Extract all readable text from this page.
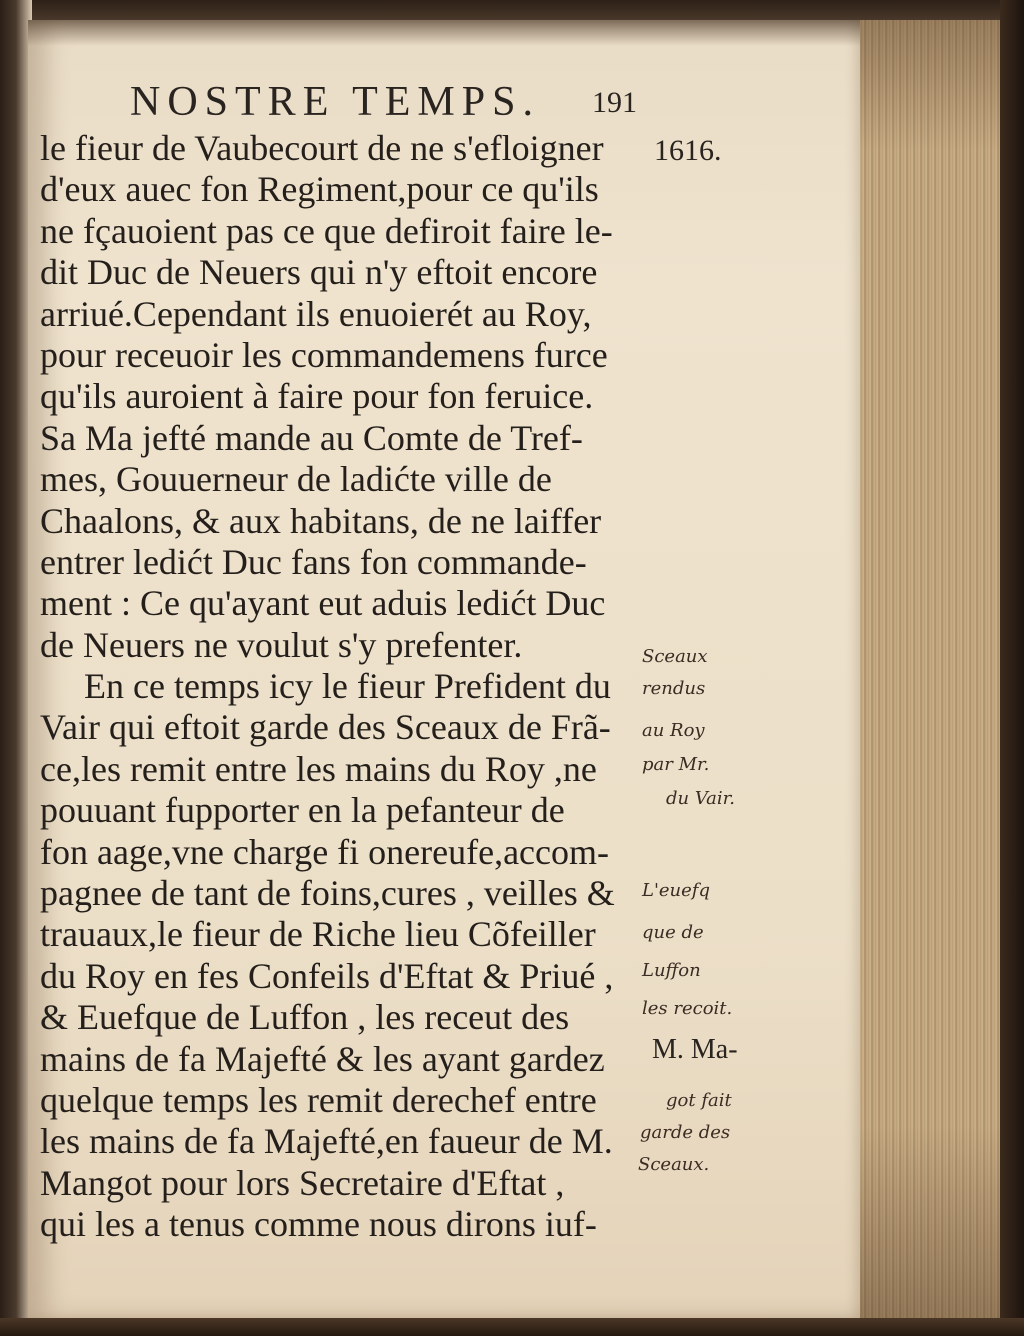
NOSTRE TEMPS. 191
1616.
le fieur de Vaubecourt de ne s'efloigner
d'eux auec fon Regiment,pour ce qu'ils
ne fçauoient pas ce que defiroit faire le-
dit Duc de Neuers qui n'y eftoit encore
arriué.Cependant ils enuoierét au Roy,
pour receuoir les commandemens furce
qu'ils auroient à faire pour fon feruice.
Sa Ma jefté mande au Comte de Tref-
mes, Gouuerneur de ladićte ville de
Chaalons, & aux habitans, de ne laiffer
entrer ledićt Duc fans fon commande-
ment : Ce qu'ayant eut aduis ledićt Duc
de Neuers ne voulut s'y prefenter.
En ce temps icy le fieur Prefident du
Vair qui eftoit garde des Sceaux de Frã-
ce,les remit entre les mains du Roy ,ne
pouuant fupporter en la pefanteur de
fon aage,vne charge fi onereufe,accom-
pagnee de tant de foins,cures , veilles &
trauaux,le fieur de Riche lieu Cõfeiller
du Roy en fes Confeils d'Eftat & Priué ,
& Euefque de Luffon , les receut des
mains de fa Majefté & les ayant gardez
quelque temps les remit derechef entre
les mains de fa Majefté,en faueur de M.
Mangot pour lors Secretaire d'Eftat ,
qui les a tenus comme nous dirons iuf-
Sceaux
rendus
au Roy
par Mr.
du Vair.
L'euefq
que de
Luffon
les recoit.
M. Ma-
got fait
garde des
Sceaux.
